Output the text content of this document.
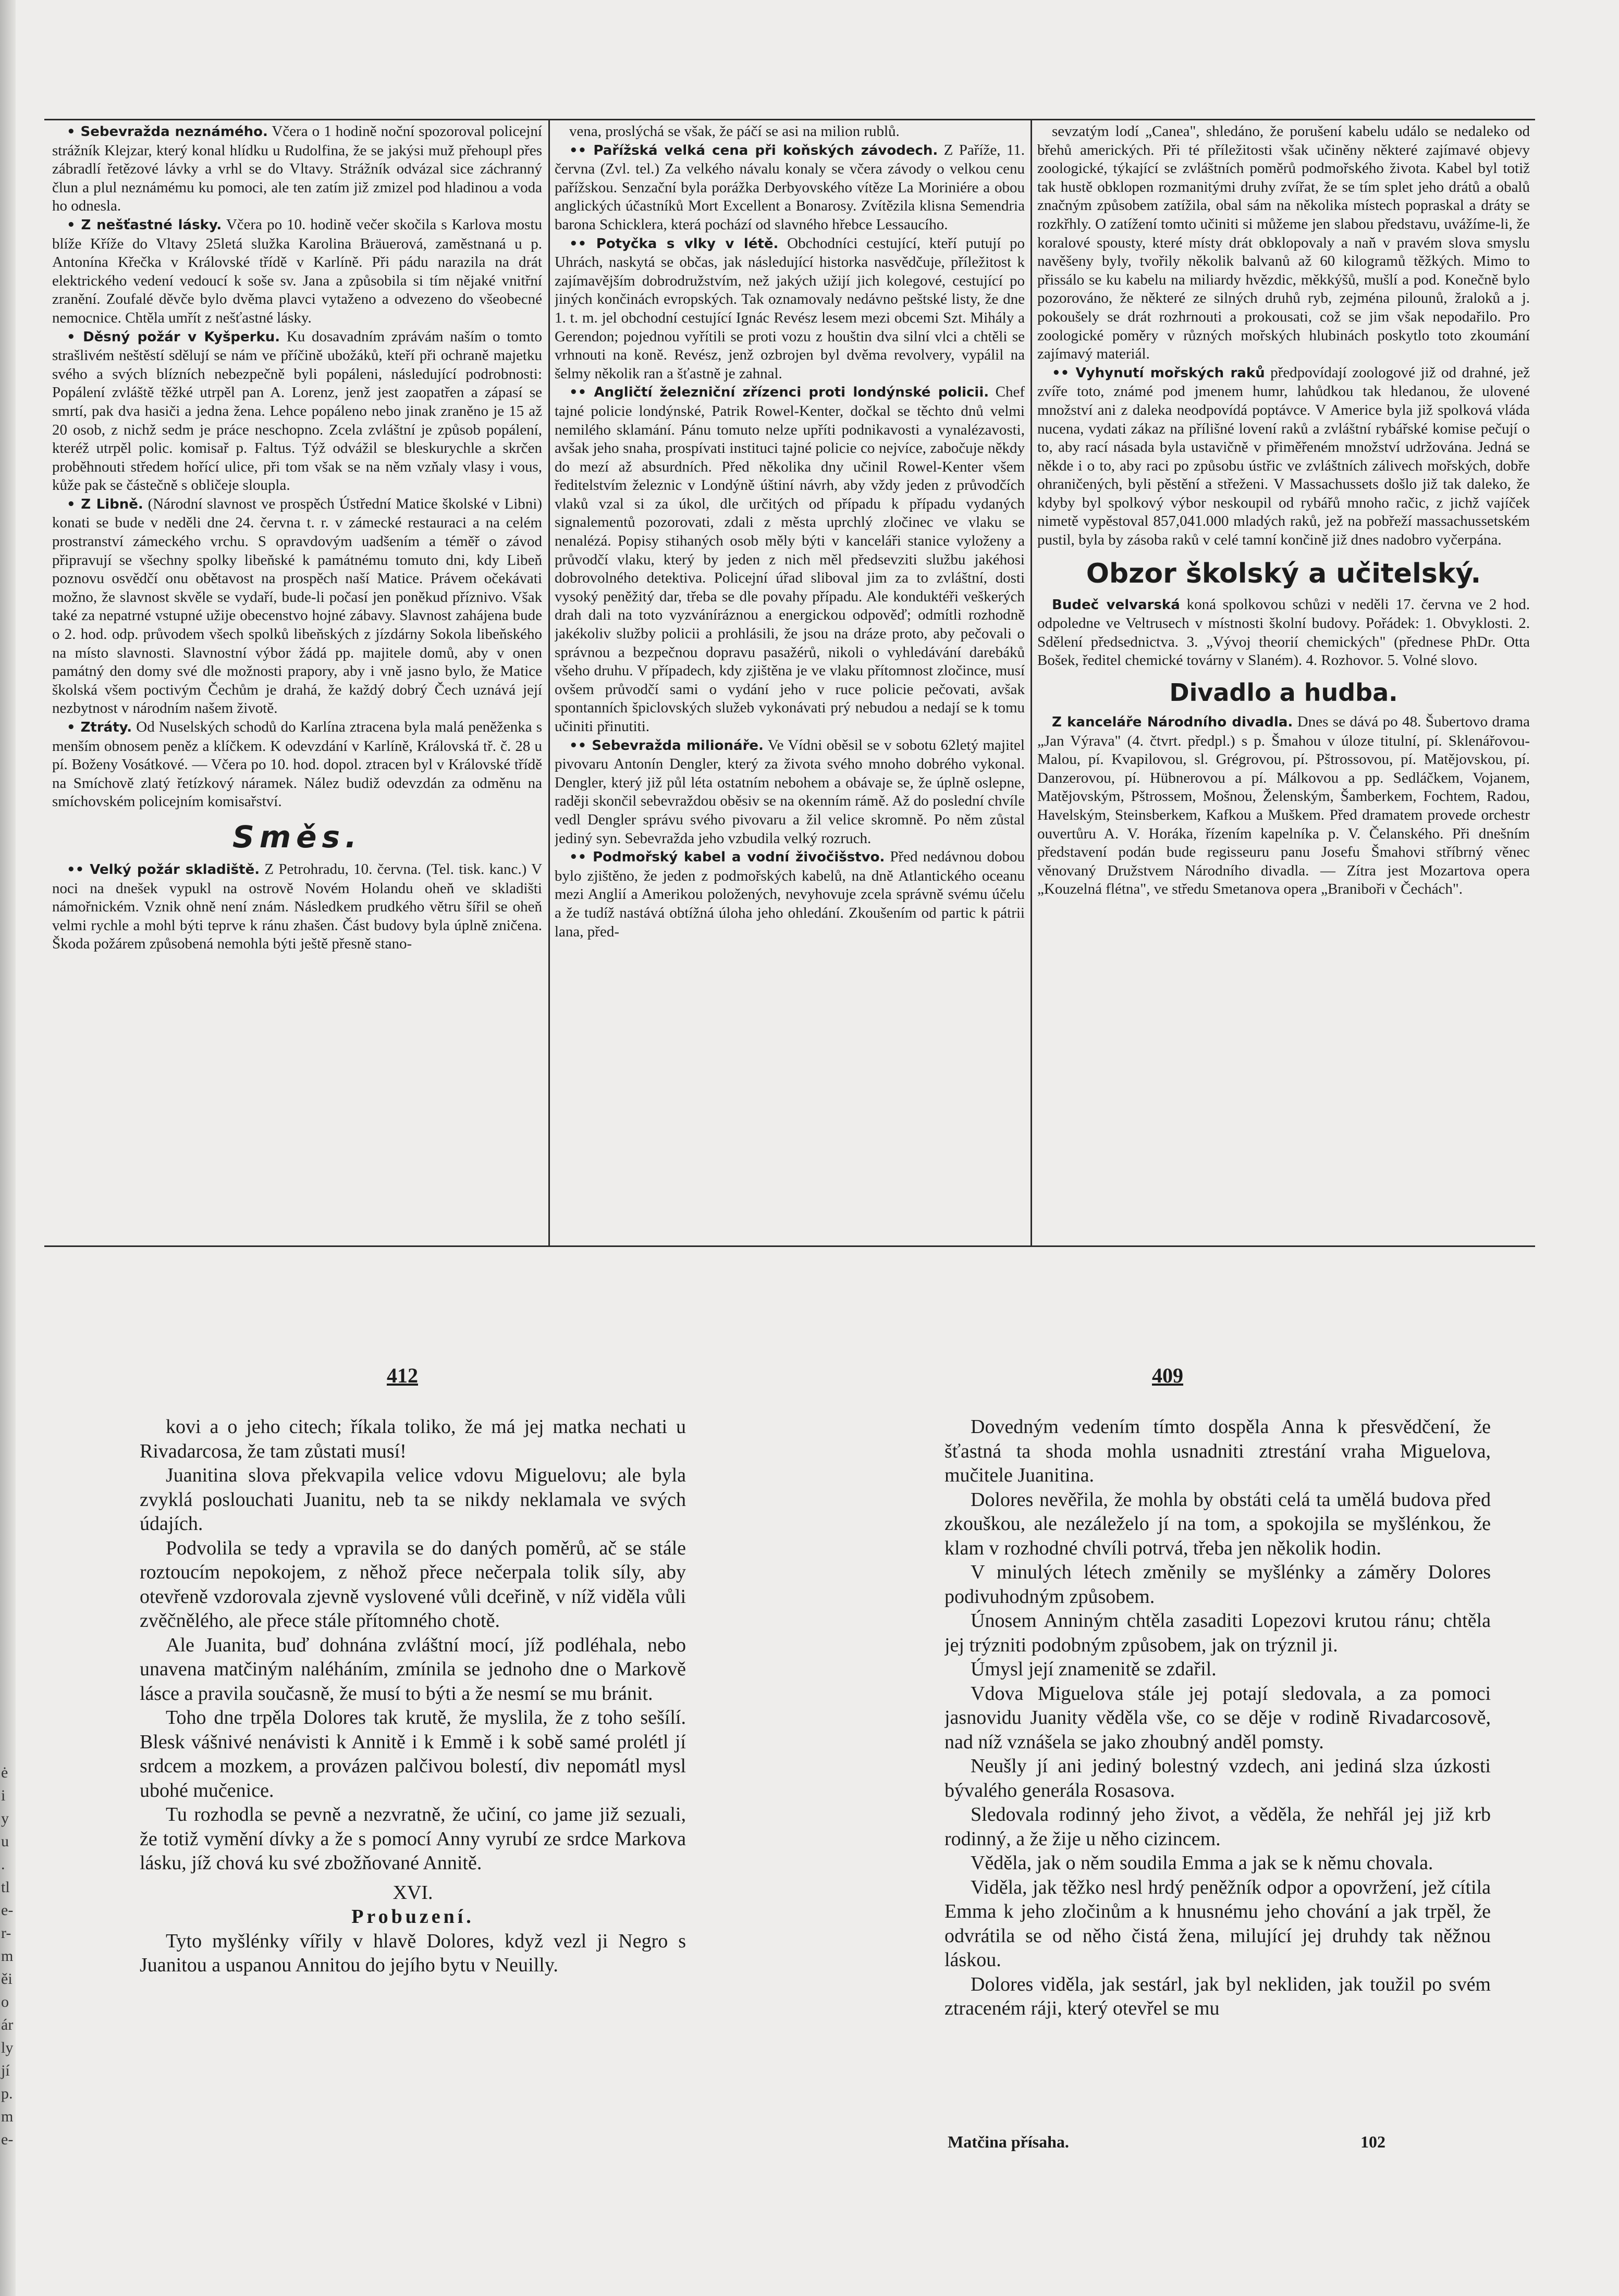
ė
i
y
u
.
tl
e-
r-
m
ěi
o
ár
ly
jí
p.
m
e-

• Sebevražda neznámého. Včera o 1 hodině noční spozoroval policejní strážník Klejzar, který konal hlídku u Rudolfina, že se jakýsi muž přehoupl přes zábradlí řetězové lávky a vrhl se do Vltavy. Strážník odvázal sice záchranný člun a plul neznámému ku pomoci, ale ten zatím již zmizel pod hladinou a voda ho odnesla.

• Z nešťastné lásky. Včera po 10. hodině večer skočila s Karlova mostu blíže Kříže do Vltavy 25letá služka Karolina Bräuerová, zaměstnaná u p. Antonína Křečka v Královské třídě v Karlíně. Při pádu narazila na drát elektrického vedení vedoucí k soše sv. Jana a způsobila si tím nějaké vnitřní zranění. Zoufalé děvče bylo dvěma plavci vytaženo a odvezeno do všeobecné nemocnice. Chtěla umřít z nešťastné lásky.

• Děsný požár v Kyšperku. Ku dosavadním zprávám naším o tomto strašlivém neštěstí sdělují se nám ve příčině ubožáků, kteří při ochraně majetku svého a svých blízních nebezpečně byli popáleni, následující podrobnosti: Popálení zvláště těžké utrpěl pan A. Lorenz, jenž jest zaopatřen a zápasí se smrtí, pak dva hasiči a jedna žena. Lehce popáleno nebo jinak zraněno je 15 až 20 osob, z nichž sedm je práce neschopno. Zcela zvláštní je způsob popálení, kteréž utrpěl polic. komisař p. Faltus. Týž odvážil se bleskurychle a skrčen proběhnouti středem hořící ulice, při tom však se na něm vzňaly vlasy i vous, kůže pak se částečně s obličeje sloupla.

• Z Libně. (Národní slavnost ve prospěch Ústřední Matice školské v Libni) konati se bude v neděli dne 24. června t. r. v zámecké restauraci a na celém prostranství zámeckého vrchu. S opravdovým uadšením a téměř o závod připravují se všechny spolky libeňské k památnému tomuto dni, kdy Libeň poznovu osvědčí onu obětavost na prospěch naší Matice. Právem očekávati možno, že slavnost skvěle se vydaří, bude-li počasí jen poněkud příznivo. Však také za nepatrné vstupné užije obecenstvo hojné zábavy. Slavnost zahájena bude o 2. hod. odp. průvodem všech spolků libeňských z jízdárny Sokola libeňského na místo slavnosti. Slavnostní výbor žádá pp. majitele domů, aby v onen památný den domy své dle možnosti prapory, aby i vně jasno bylo, že Matice školská všem poctivým Čechům je drahá, že každý dobrý Čech uznává její nezbytnost v národním našem životě.

• Ztráty. Od Nuselských schodů do Karlína ztracena byla malá peněženka s menším obnosem peněz a klíčkem. K odevzdání v Karlíně, Královská tř. č. 28 u pí. Boženy Vosátkové. — Včera po 10. hod. dopol. ztracen byl v Královské třídě na Smíchově zlatý řetízkový náramek. Nález budiž odevzdán za odměnu na smíchovském policejním komisařství.

Směs.

•• Velký požár skladiště. Z Petrohradu, 10. června. (Tel. tisk. kanc.) V noci na dnešek vypukl na ostrově Novém Holandu oheň ve skladišti námořnickém. Vznik ohně není znám. Následkem prudkého větru šířil se oheň velmi rychle a mohl býti teprve k ránu zhašen. Část budovy byla úplně zničena. Škoda požárem způsobená nemohla býti ještě přesně stano-

vena, proslýchá se však, že páčí se asi na milion rublů.

•• Pařížská velká cena při koňských závodech. Z Paříže, 11. června (Zvl. tel.) Za velkého návalu konaly se včera závody o velkou cenu pařížskou. Senzační byla porážka Derbyovského vítěze La Moriniére a obou anglických účastníků Mort Excellent a Bonarosy. Zvítězila klisna Semendria barona Schicklera, která pochází od slavného hřebce Lessaucího.

•• Potyčka s vlky v létě. Obchodníci cestující, kteří putují po Uhrách, naskytá se občas, jak následující historka nasvědčuje, příležitost k zajímavějším dobrodružstvím, než jakých užijí jich kolegové, cestující po jiných končinách evropských. Tak oznamovaly nedávno peštské listy, že dne 1. t. m. jel obchodní cestující Ignác Revész lesem mezi obcemi Szt. Mihály a Gerendon; pojednou vyřítili se proti vozu z houštin dva silní vlci a chtěli se vrhnouti na koně. Revész, jenž ozbrojen byl dvěma revolvery, vypálil na šelmy několik ran a šťastně je zahnal.

•• Angličtí železniční zřízenci proti londýnské policii. Chef tajné policie londýnské, Patrik Rowel-Kenter, dočkal se těchto dnů velmi nemilého sklamání. Pánu tomuto nelze upříti podnikavosti a vynalézavosti, avšak jeho snaha, prospívati instituci tajné policie co nejvíce, zabočuje někdy do mezí až absurdních. Před několika dny učinil Rowel-Kenter všem ředitelstvím železnic v Londýně úštiní návrh, aby vždy jeden z průvodčích vlaků vzal si za úkol, dle určitých od případu k případu vydaných signalementů pozorovati, zdali z města uprchlý zločinec ve vlaku se nenalézá. Popisy stihaných osob měly býti v kanceláři stanice vyloženy a průvodčí vlaku, který by jeden z nich měl předsevziti službu jakéhosi dobrovolného detektiva. Policejní úřad sliboval jim za to zvláštní, dosti vysoký peněžitý dar, třeba se dle povahy případu. Ale konduktéři veškerých drah dali na toto vyzváníráznou a energickou odpověď; odmítli rozhodně jakékoliv služby policii a prohlásili, že jsou na dráze proto, aby pečovali o správnou a bezpečnou dopravu pasažérů, nikoli o vyhledávání darebáků všeho druhu. V případech, kdy zjištěna je ve vlaku přítomnost zločince, musí ovšem průvodčí sami o vydání jeho v ruce policie pečovati, avšak spontanních špiclovských služeb vykonávati prý nebudou a nedají se k tomu učiniti přinutiti.

•• Sebevražda milionáře. Ve Vídni oběsil se v sobotu 62letý majitel pivovaru Antonín Dengler, který za života svého mnoho dobrého vykonal. Dengler, který již půl léta ostatním nebohem a obávaje se, že úplně oslepne, raději skončil sebevraždou oběsiv se na okenním rámě. Až do poslední chvíle vedl Dengler správu svého pivovaru a žil velice skromně. Po něm zůstal jediný syn. Sebevražda jeho vzbudila velký rozruch.

•• Podmořský kabel a vodní živočišstvo. Před nedávnou dobou bylo zjištěno, že jeden z podmořských kabelů, na dně Atlantického oceanu mezi Anglií a Amerikou položených, nevyhovuje zcela správně svému účelu a že tudíž nastává obtížná úloha jeho ohledání. Zkoušením od partic k pátrii lana, před-

sevzatým lodí „Canea", shledáno, že porušení kabelu událo se nedaleko od břehů amerických. Při té příležitosti však učiněny některé zajímavé objevy zoologické, týkající se zvláštních poměrů podmořského života. Kabel byl totiž tak hustě obklopen rozmanitými druhy zvířat, že se tím splet jeho drátů a obalů značným způsobem zatížila, obal sám na několika místech popraskal a dráty se rozkřhly. O zatížení tomto učiniti si můžeme jen slabou představu, uvážíme-li, že koralové spousty, které místy drát obklopovaly a naň v pravém slova smyslu navěšeny byly, tvořily několik balvanů až 60 kilogramů těžkých. Mimo to přissálo se ku kabelu na miliardy hvězdic, měkkýšů, mušlí a pod. Konečně bylo pozorováno, že některé ze silných druhů ryb, zejména pilounů, žraloků a j. pokoušely se drát rozhrnouti a prokousati, což se jim však nepodařilo. Pro zoologické poměry v různých mořských hlubinách poskytlo toto zkoumání zajímavý materiál.

•• Vyhynutí mořských raků předpovídají zoologové již od drahné, jež zvíře toto, známé pod jmenem humr, lahůdkou tak hledanou, že ulovené množství ani z daleka neodpovídá poptávce. V Americe byla již spolková vláda nucena, vydati zákaz na přílišné lovení raků a zvláštní rybářské komise pečují o to, aby rací násada byla ustavičně v přiměřeném množství udržována. Jedná se někde i o to, aby raci po způsobu ústřic ve zvláštních zálivech mořských, dobře ohraničených, byli pěstění a střeženi. V Massachussets došlo již tak daleko, že kdyby byl spolkový výbor neskoupil od rybářů mnoho račic, z jichž vajíček nimetě vypěstoval 857,041.000 mladých raků, jež na pobřeží massachussetském pustil, byla by zásoba raků v celé tamní končině již dnes nadobro vyčerpána.

Obzor školský a učitelský.

Budeč velvarská koná spolkovou schůzi v neděli 17. června ve 2 hod. odpoledne ve Veltrusech v místnosti školní budovy. Pořádek: 1. Obvyklosti. 2. Sdělení předsednictva. 3. „Vývoj theorií chemických" (přednese PhDr. Otta Bošek, ředitel chemické továrny v Slaném). 4. Rozhovor. 5. Volné slovo.

Divadlo a hudba.

Z kanceláře Národního divadla. Dnes se dává po 48. Šubertovo drama „Jan Výrava" (4. čtvrt. předpl.) s p. Šmahou v úloze titulní, pí. Sklenářovou-Malou, pí. Kvapilovou, sl. Grégrovou, pí. Pštrossovou, pí. Matějovskou, pí. Danzerovou, pí. Hübnerovou a pí. Málkovou a pp. Sedláčkem, Vojanem, Matějovským, Pštrossem, Mošnou, Želenským, Šamberkem, Fochtem, Radou, Havelským, Steinsberkem, Kafkou a Muškem. Před dramatem provede orchestr ouvertůru A. V. Horáka, řízením kapelníka p. V. Čelanského. Při dnešním představení podán bude regisseuru panu Josefu Šmahovi stříbrný věnec věnovaný Družstvem Národního divadla. — Zítra jest Mozartova opera „Kouzelná flétna", ve středu Smetanova opera „Braniboři v Čechách".

412	409

kovi a o jeho citech; říkala toliko, že má jej matka nechati u Rivadarcosa, že tam zůstati musí!

Juanitina slova překvapila velice vdovu Miguelovu; ale byla zvyklá poslouchati Juanitu, neb ta se nikdy neklamala ve svých údajích.

Podvolila se tedy a vpravila se do daných poměrů, ač se stále roztoucím nepokojem, z něhož přece nečerpala tolik síly, aby otevřeně vzdorovala zjevně vyslovené vůli dceřině, v níž viděla vůli zvěčnělého, ale přece stále přítomného chotě.

Ale Juanita, buď dohnána zvláštní mocí, jíž podléhala, nebo unavena matčiným naléháním, zmínila se jednoho dne o Markově lásce a pravila současně, že musí to býti a že nesmí se mu bránit.

Toho dne trpěla Dolores tak krutě, že myslila, že z toho sešílí. Blesk vášnivé nenávisti k Annitě i k Emmě i k sobě samé prolétl jí srdcem a mozkem, a provázen palčivou bolestí, div nepomátl mysl ubohé mučenice.

Tu rozhodla se pevně a nezvratně, že učiní, co jame již sezuali, že totiž vymění dívky a že s pomocí Anny vyrubí ze srdce Markova lásku, jíž chová ku své zbožňované Annitě.

XVI.

Probuzení.

Tyto myšlénky vířily v hlavě Dolores, když vezl ji Negro s Juanitou a uspanou Annitou do jejího bytu v Neuilly.

Dovedným vedením tímto dospěla Anna k přesvědčení, že šťastná ta shoda mohla usnadniti ztrestání vraha Miguelova, mučitele Juanitina.

Dolores nevěřila, že mohla by obstáti celá ta umělá budova před zkouškou, ale nezáleželo jí na tom, a spokojila se myšlénkou, že klam v rozhodné chvíli potrvá, třeba jen několik hodin.

V minulých létech změnily se myšlénky a záměry Dolores podivuhodným způsobem.

Únosem Anniným chtěla zasaditi Lopezovi krutou ránu; chtěla jej trýzniti podobným způsobem, jak on trýznil ji.

Úmysl její znamenitě se zdařil.

Vdova Miguelova stále jej potají sledovala, a za pomoci jasnovidu Juanity věděla vše, co se děje v rodině Rivadarcosově, nad níž vznášela se jako zhoubný anděl pomsty.

Neušly jí ani jediný bolestný vzdech, ani jediná slza úzkosti bývalého generála Rosasova.

Sledovala rodinný jeho život, a věděla, že nehřál jej již krb rodinný, a že žije u něho cizincem.

Věděla, jak o něm soudila Emma a jak se k němu chovala.

Viděla, jak těžko nesl hrdý peněžník odpor a opovržení, jež cítila Emma k jeho zločinům a k hnusnému jeho chování a jak trpěl, že odvrátila se od něho čistá žena, milující jej druhdy tak něžnou láskou.

Dolores viděla, jak sestárl, jak byl nekliden, jak toužil po svém ztraceném ráji, který otevřel se mu

Matčina přísaha.	102
